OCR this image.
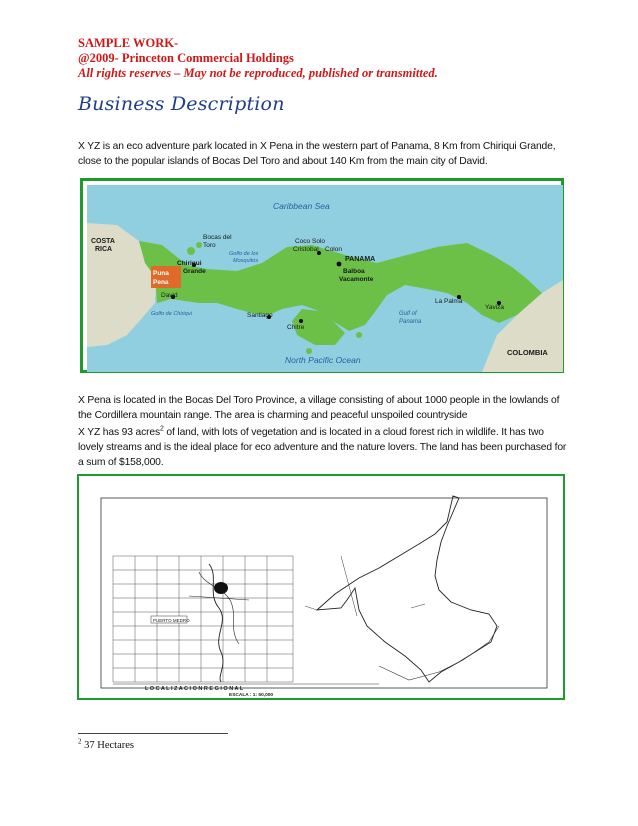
SAMPLE WORK-
@2009- Princeton Commercial Holdings
All rights reserves – May not be reproduced, published or transmitted.
Business Description

X YZ is an eco adventure park located in X Pena in the western part of Panama, 8 Km from Chiriqui Grande, close to the popular islands of Bocas Del Toro and about 140 Km from the main city of David.

Caribbean Sea
COSTA
RICA
Bocas del
Toro
Chiriqui
Grande
Puna
Pena
Golfo de los
Mosquitos
Coco Solo
Cristobal Colon
PANAMA
Balboa
Vacamonte
David
Golfo de Chiriqui	Santiago
Chitre
Gulf of
Panama
La Palma
Yaviza
North Pacific Ocean
COLOMBIA

X Pena is located in the Bocas Del Toro Province, a village consisting of about 1000 people in the lowlands of the Cordillera mountain range. The area is charming and peaceful unspoiled countryside

X YZ has 93 acres$^2$ of land, with lots of vegetation and is located in a cloud forest rich in wildlife. It has two lovely streams and is the ideal place for eco adventure and the nature lovers. The land has been purchased for a sum of $158,000.

PUERTO MEDRO
L O C A L I Z A C I O N R E G I O N A L
ESCALA : 1: 50,000
$^2$ 37 Hectares
